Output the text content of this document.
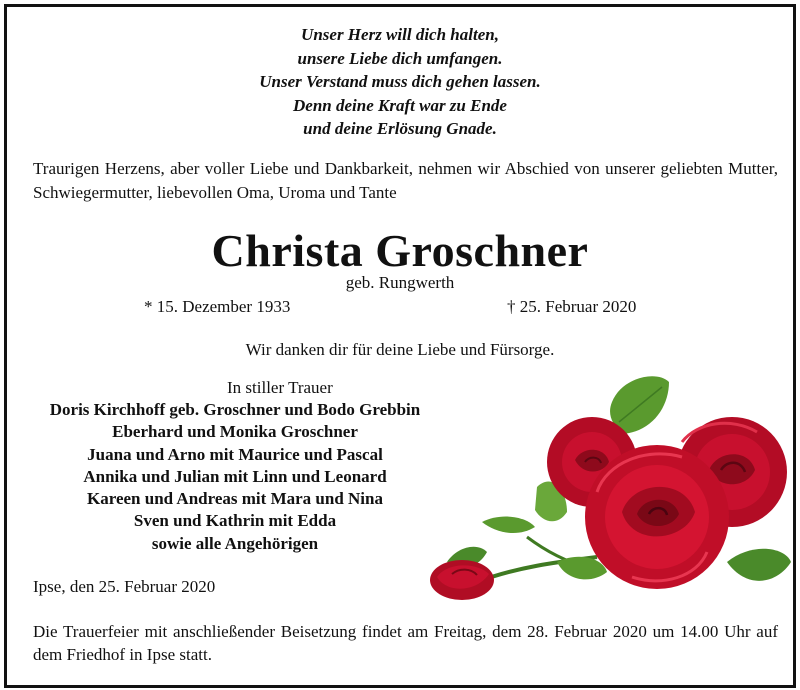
Unser Herz will dich halten,
unsere Liebe dich umfangen.
Unser Verstand muss dich gehen lassen.
Denn deine Kraft war zu Ende
und deine Erlösung Gnade.
Traurigen Herzens, aber voller Liebe und Dankbarkeit, nehmen wir Abschied von unserer geliebten Mutter, Schwiegermutter, liebevollen Oma, Uroma und Tante
Christa Groschner
geb. Rungwerth
* 15. Dezember 1933	† 25. Februar 2020
Wir danken dir für deine Liebe und Fürsorge.
In stiller Trauer
Doris Kirchhoff geb. Groschner und Bodo Grebbin
Eberhard und Monika Groschner
Juana und Arno mit Maurice und Pascal
Annika und Julian mit Linn und Leonard
Kareen und Andreas mit Mara und Nina
Sven und Kathrin mit Edda
sowie alle Angehörigen
Ipse, den 25. Februar 2020
Die Trauerfeier mit anschließender Beisetzung findet am Freitag, dem 28. Februar 2020 um 14.00 Uhr auf dem Friedhof in Ipse statt.
